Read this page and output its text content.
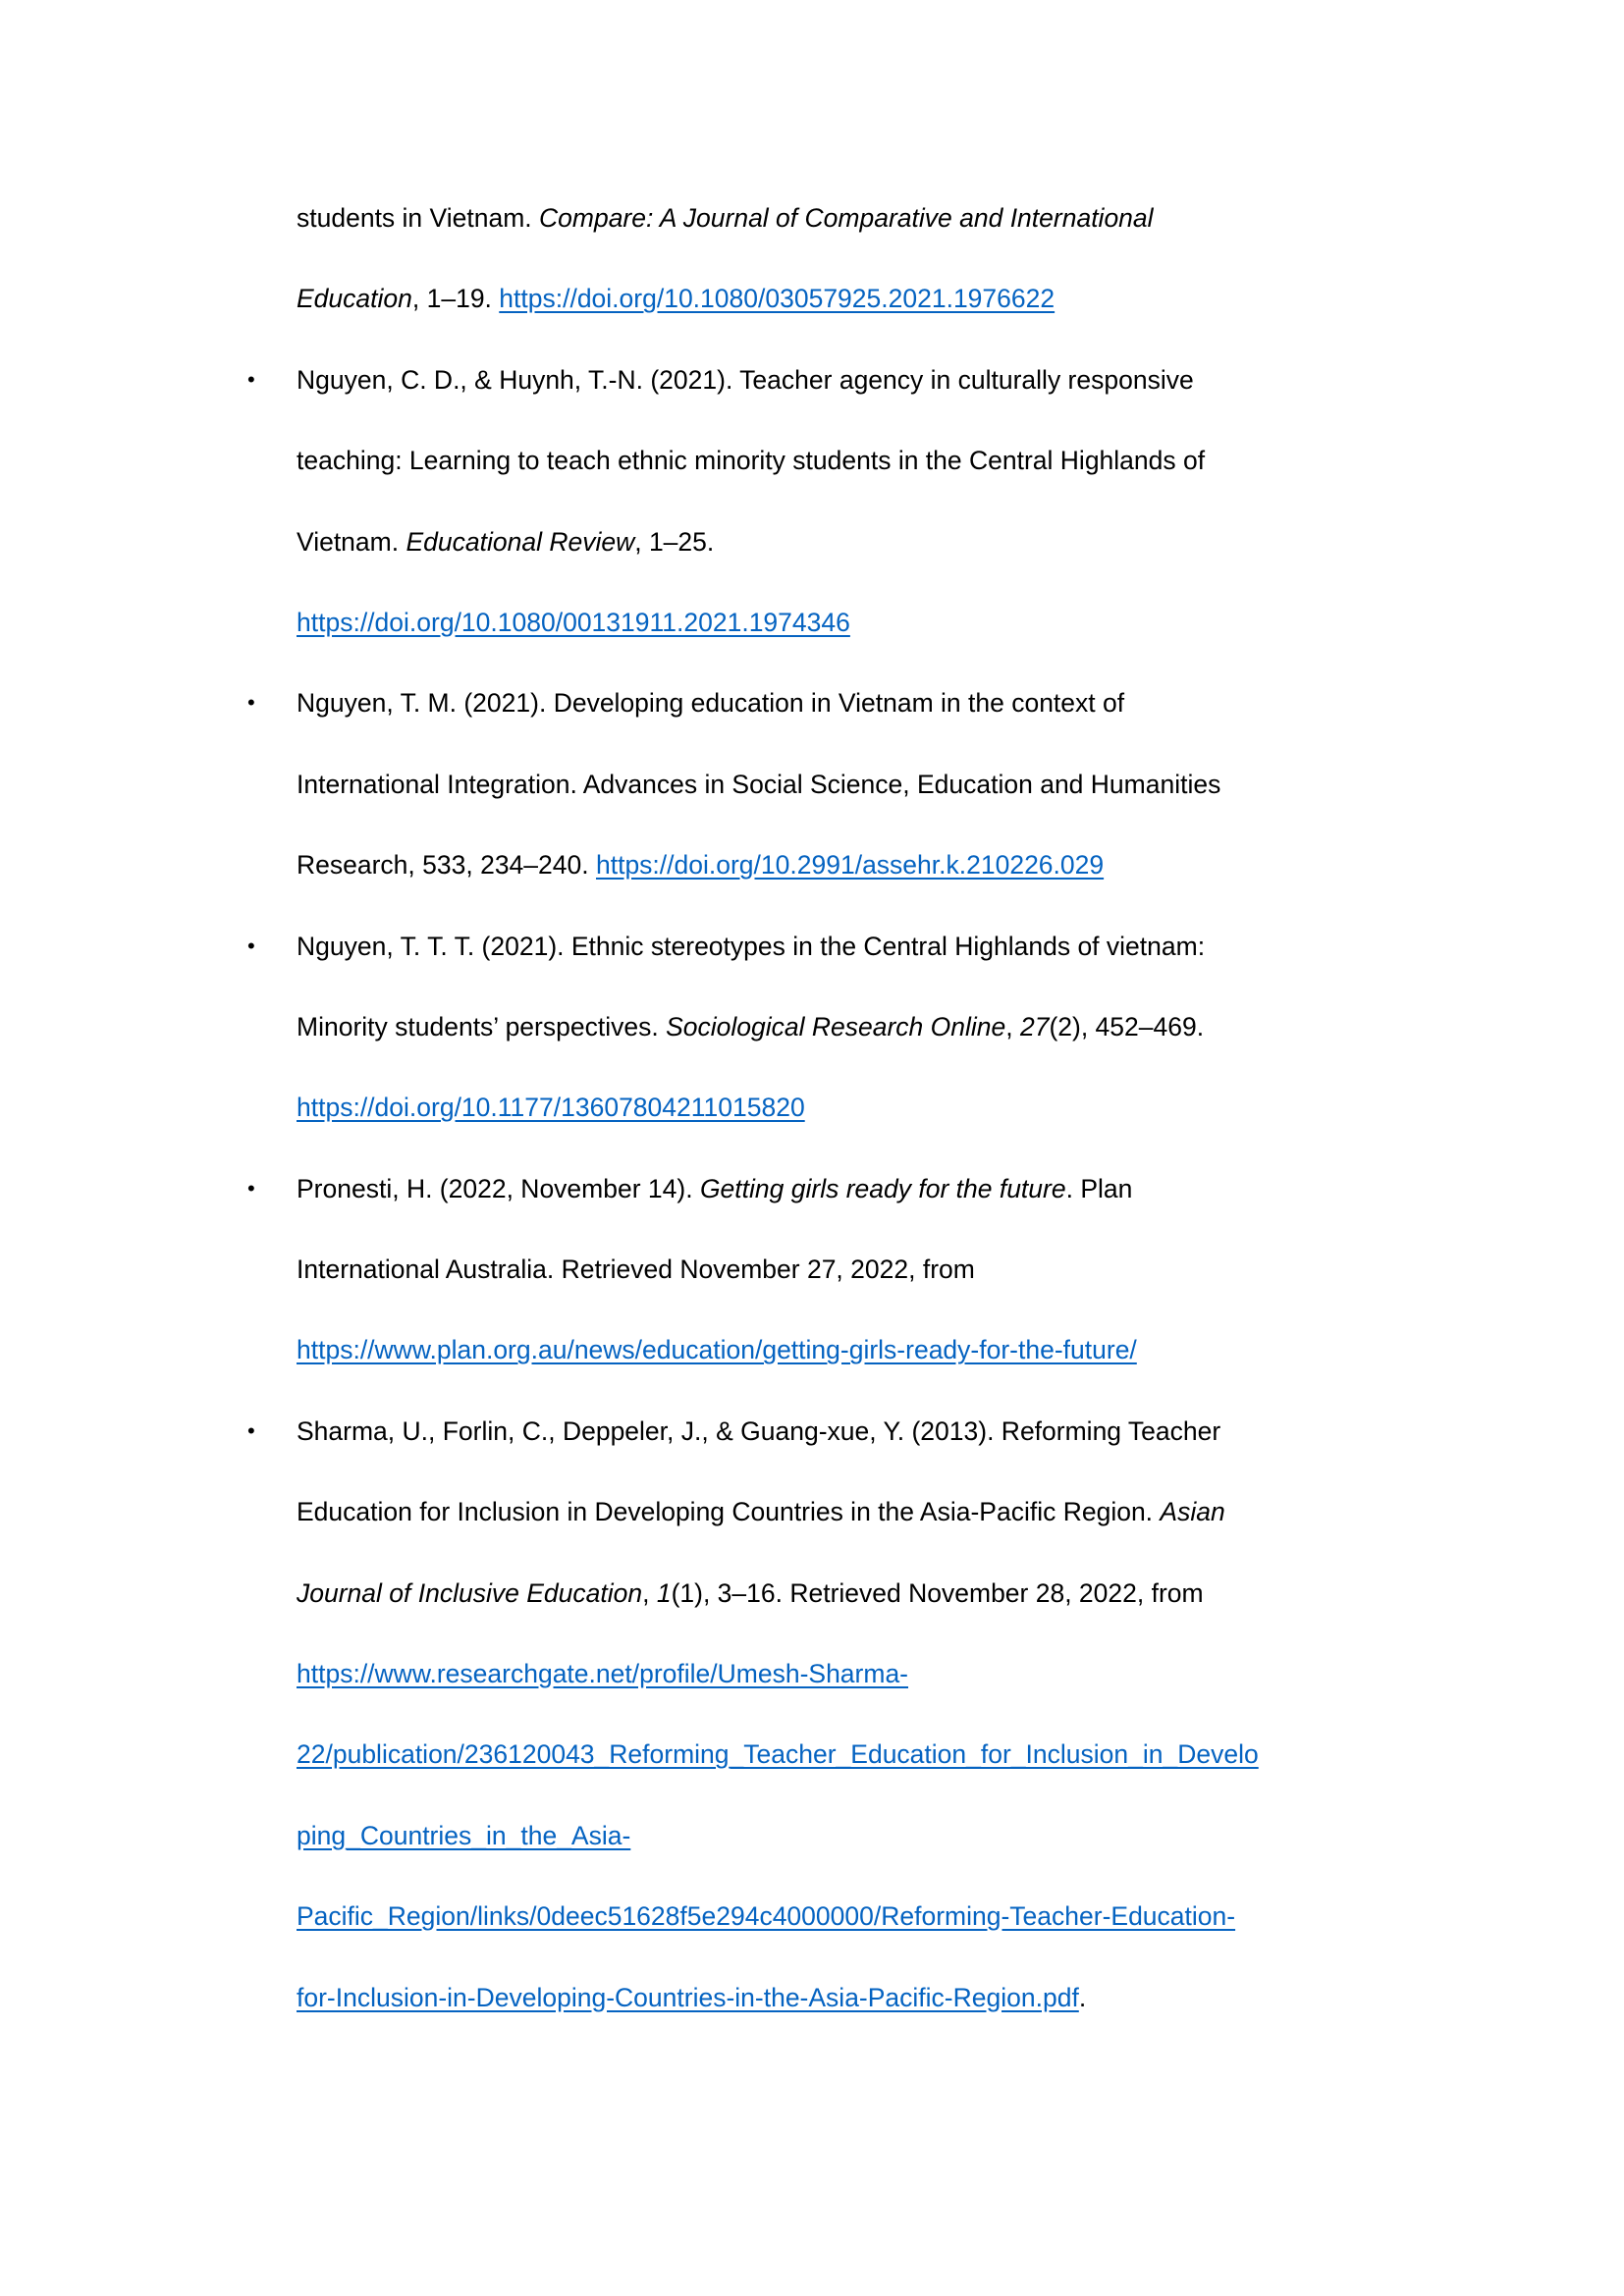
students in Vietnam. Compare: A Journal of Comparative and International
Education, 1–19. https://doi.org/10.1080/03057925.2021.1976622
• Nguyen, C. D., & Huynh, T.-N. (2021). Teacher agency in culturally responsive
teaching: Learning to teach ethnic minority students in the Central Highlands of
Vietnam. Educational Review, 1–25.
https://doi.org/10.1080/00131911.2021.1974346
• Nguyen, T. M. (2021). Developing education in Vietnam in the context of
International Integration. Advances in Social Science, Education and Humanities
Research, 533, 234–240. https://doi.org/10.2991/assehr.k.210226.029
• Nguyen, T. T. T. (2021). Ethnic stereotypes in the Central Highlands of vietnam:
Minority students’ perspectives. Sociological Research Online, 27(2), 452–469.
https://doi.org/10.1177/13607804211015820
• Pronesti, H. (2022, November 14). Getting girls ready for the future. Plan
International Australia. Retrieved November 27, 2022, from
https://www.plan.org.au/news/education/getting-girls-ready-for-the-future/
• Sharma, U., Forlin, C., Deppeler, J., & Guang-xue, Y. (2013). Reforming Teacher
Education for Inclusion in Developing Countries in the Asia-Pacific Region. Asian
Journal of Inclusive Education, 1(1), 3–16. Retrieved November 28, 2022, from
https://www.researchgate.net/profile/Umesh-Sharma-
22/publication/236120043_Reforming_Teacher_Education_for_Inclusion_in_Develo
ping_Countries_in_the_Asia-
Pacific_Region/links/0deec51628f5e294c4000000/Reforming-Teacher-Education-
for-Inclusion-in-Developing-Countries-in-the-Asia-Pacific-Region.pdf.
